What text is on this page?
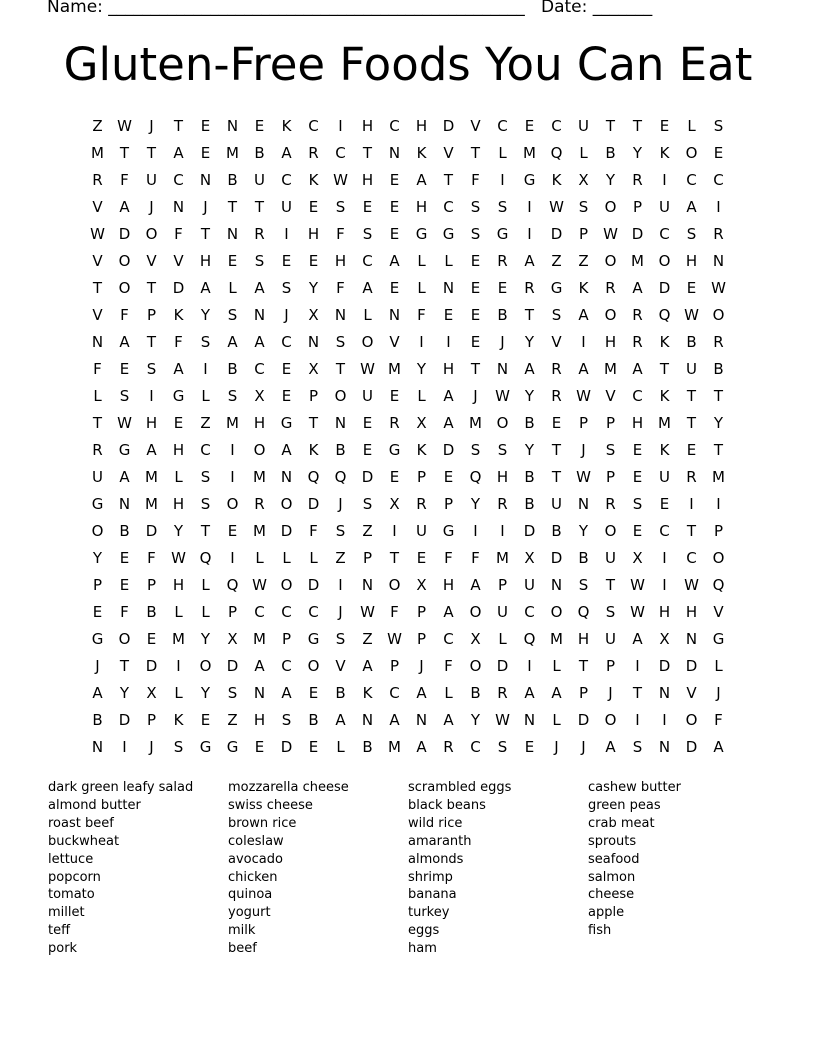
Name: _________________________________________________   Date: _______
Gluten-Free Foods You Can Eat
Z W	J	T	E	N	E	K	C	I	H	C	H	D	V	C	E	C	U	T	T	E	L	S
M	T	T	A	E	M	B	A	R	C	T	N	K	V	T	L	M Q	L	B	Y	K	O	E
R	F	U	C	N	B	U	C	K W H	E	A	T	F	I	G	K	X	Y	R	I	C	C
V	A	J	N	J	T	T	U	E	S	E	E	H	C	S	S	I	W S	O	P	U	A	I
W D	O	F	T	N	R	I	H	F	S	E	G	G	S	G	I	D	P	W D	C	S	R
V	O	V	V	H	E	S	E	E	H	C	A	L	L	E	R	A	Z	Z	O M O	H	N
T	O	T	D	A	L	A	S	Y	F	A	E	L	N	E	E	R	G	K	R	A	D	E W
V	F	P	K	Y	S	N	J	X	N	L	N	F	E	E	B	T	S	A	O	R	Q W O
N	A	T	F	S	A	A	C	N	S	O	V	I	I	E	J	Y	V	I	H	R	K	B	R
F	E	S	A	I	B	C	E	X	T	W M	Y	H	T	N	A	R	A	M	A	T	U	B
L	S	I	G	L	S	X	E	P	O	U	E	L	A	J	W Y	R W V	C	K	T	T
T	W H	E	Z	M H	G	T	N	E	R	X	A	M O	B	E	P	P	H M	T	Y
R	G	A	H	C	I	O	A	K	B	E	G	K	D	S	S	Y	T	J	S	E	K	E	T
U	A	M	L	S	I	M N	Q	Q	D	E	P	E	Q	H	B	T	W	P	E	U	R	M
G	N M H	S	O	R	O	D	J	S	X	R	P	Y	R	B	U	N	R	S	E	I	I
O	B	D	Y	T	E	M D	F	S	Z	I	U	G	I	I	D	B	Y	O	E	C	T	P
Y	E	F	W Q	I	L	L	L	Z	P	T	E	F	F	M	X	D	B	U	X	I	C	O
P	E	P	H	L	Q W O	D	I	N	O	X	H	A	P	U	N	S	T	W	I	W Q
E	F	B	L	L	P	C	C	C	J	W	F	P	A	O	U	C	O	Q	S W H	H	V
G	O	E	M	Y	X	M	P	G	S	Z W	P	C	X	L	Q M H	U	A	X	N	G
J	T	D	I	O	D	A	C	O	V	A	P	J	F	O	D	I	L	T	P	I	D	D	L
A	Y	X	L	Y	S	N	A	E	B	K	C	A	L	B	R	A	A	P	J	T	N	V	J
B	D	P	K	E	Z	H	S	B	A	N	A	N	A	Y	W N	L	D	O	I	I	O	F
N	I	J	S	G	G	E	D	E	L	B	M	A	R	C	S	E	J	J	A	S	N	D	A
dark green leafy salad
almond butter
roast beef
buckwheat
lettuce
popcorn
tomato
millet
teff
pork
mozzarella cheese
swiss cheese
brown rice
coleslaw
avocado
chicken
quinoa
yogurt
milk
beef
scrambled eggs
black beans
wild rice
amaranth
almonds
shrimp
banana
turkey
eggs
ham
cashew butter
green peas
crab meat
sprouts
seafood
salmon
cheese
apple
fish
